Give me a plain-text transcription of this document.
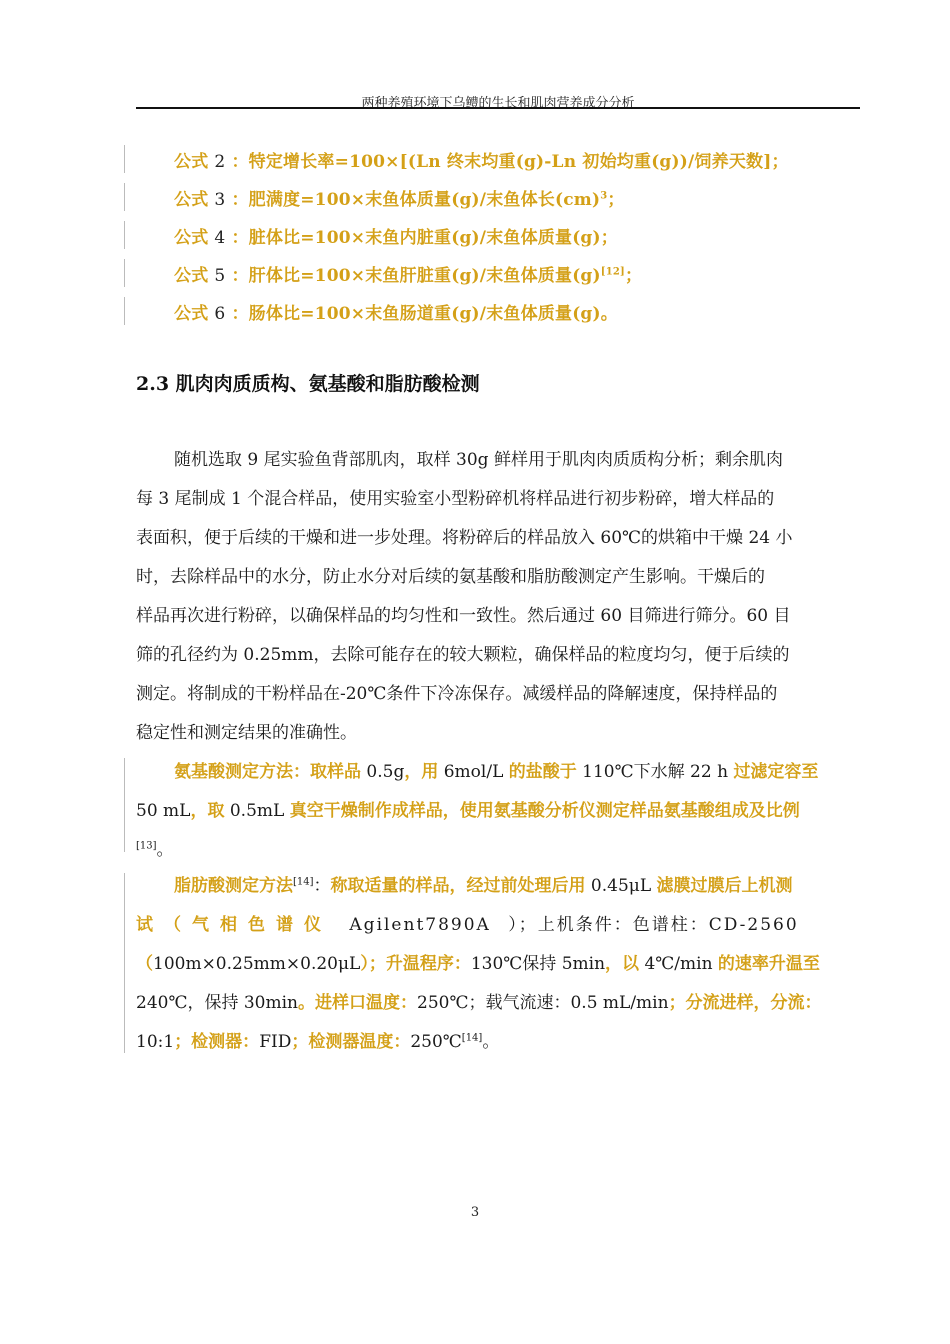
两种养殖环境下乌鳢的生长和肌肉营养成分分析
公式 2 ：特定增长率=100×[(Ln 终末均重(g)-Ln 初始均重(g))/饲养天数]；
公式 3 ：肥满度=100×末鱼体质量(g)/末鱼体长(cm)$^3$；
公式 4 ：脏体比=100×末鱼内脏重(g)/末鱼体质量(g)；
公式 5 ：肝体比=100×末鱼肝脏重(g)/末鱼体质量(g)[12]；
公式 6 ：肠体比=100×末鱼肠道重(g)/末鱼体质量(g)。
2.3 肌肉肉质质构、氨基酸和脂肪酸检测
随机选取 9 尾实验鱼背部肌肉，取样 30g 鲜样用于肌肉肉质质构分析；剩余肌肉
每 3 尾制成 1 个混合样品，使用实验室小型粉碎机将样品进行初步粉碎，增大样品的
表面积，便于后续的干燥和进一步处理。将粉碎后的样品放入 60℃的烘箱中干燥 24 小
时，去除样品中的水分，防止水分对后续的氨基酸和脂肪酸测定产生影响。干燥后的
样品再次进行粉碎，以确保样品的均匀性和一致性。然后通过 60 目筛进行筛分。60 目
筛的孔径约为 0.25mm，去除可能存在的较大颗粒，确保样品的粒度均匀，便于后续的
测定。将制成的干粉样品在-20℃条件下冷冻保存。减缓样品的降解速度，保持样品的
稳定性和测定结果的准确性。
氨基酸测定方法：取样品 0.5g，用 6mol/L 的盐酸于 110℃下水解 22 h 过滤定容至
50 mL，取 0.5mL 真空干燥制作成样品，使用氨基酸分析仪测定样品氨基酸组成及比例
[13]。
脂肪酸测定方法[14]：称取适量的样品，经过前处理后用 0.45μL 滤膜过膜后上机测
试（气相色谱仪 Agilent7890A ）；上机条件：色谱柱：CD-2560
（100m×0.25mm×0.20μL）；升温程序：130℃保持 5min，以 4℃/min 的速率升温至
240℃，保持 30min。进样口温度：250℃；载气流速：0.5 mL/min；分流进样，分流：
10:1；检测器：FID；检测器温度：250℃[14]。
3
